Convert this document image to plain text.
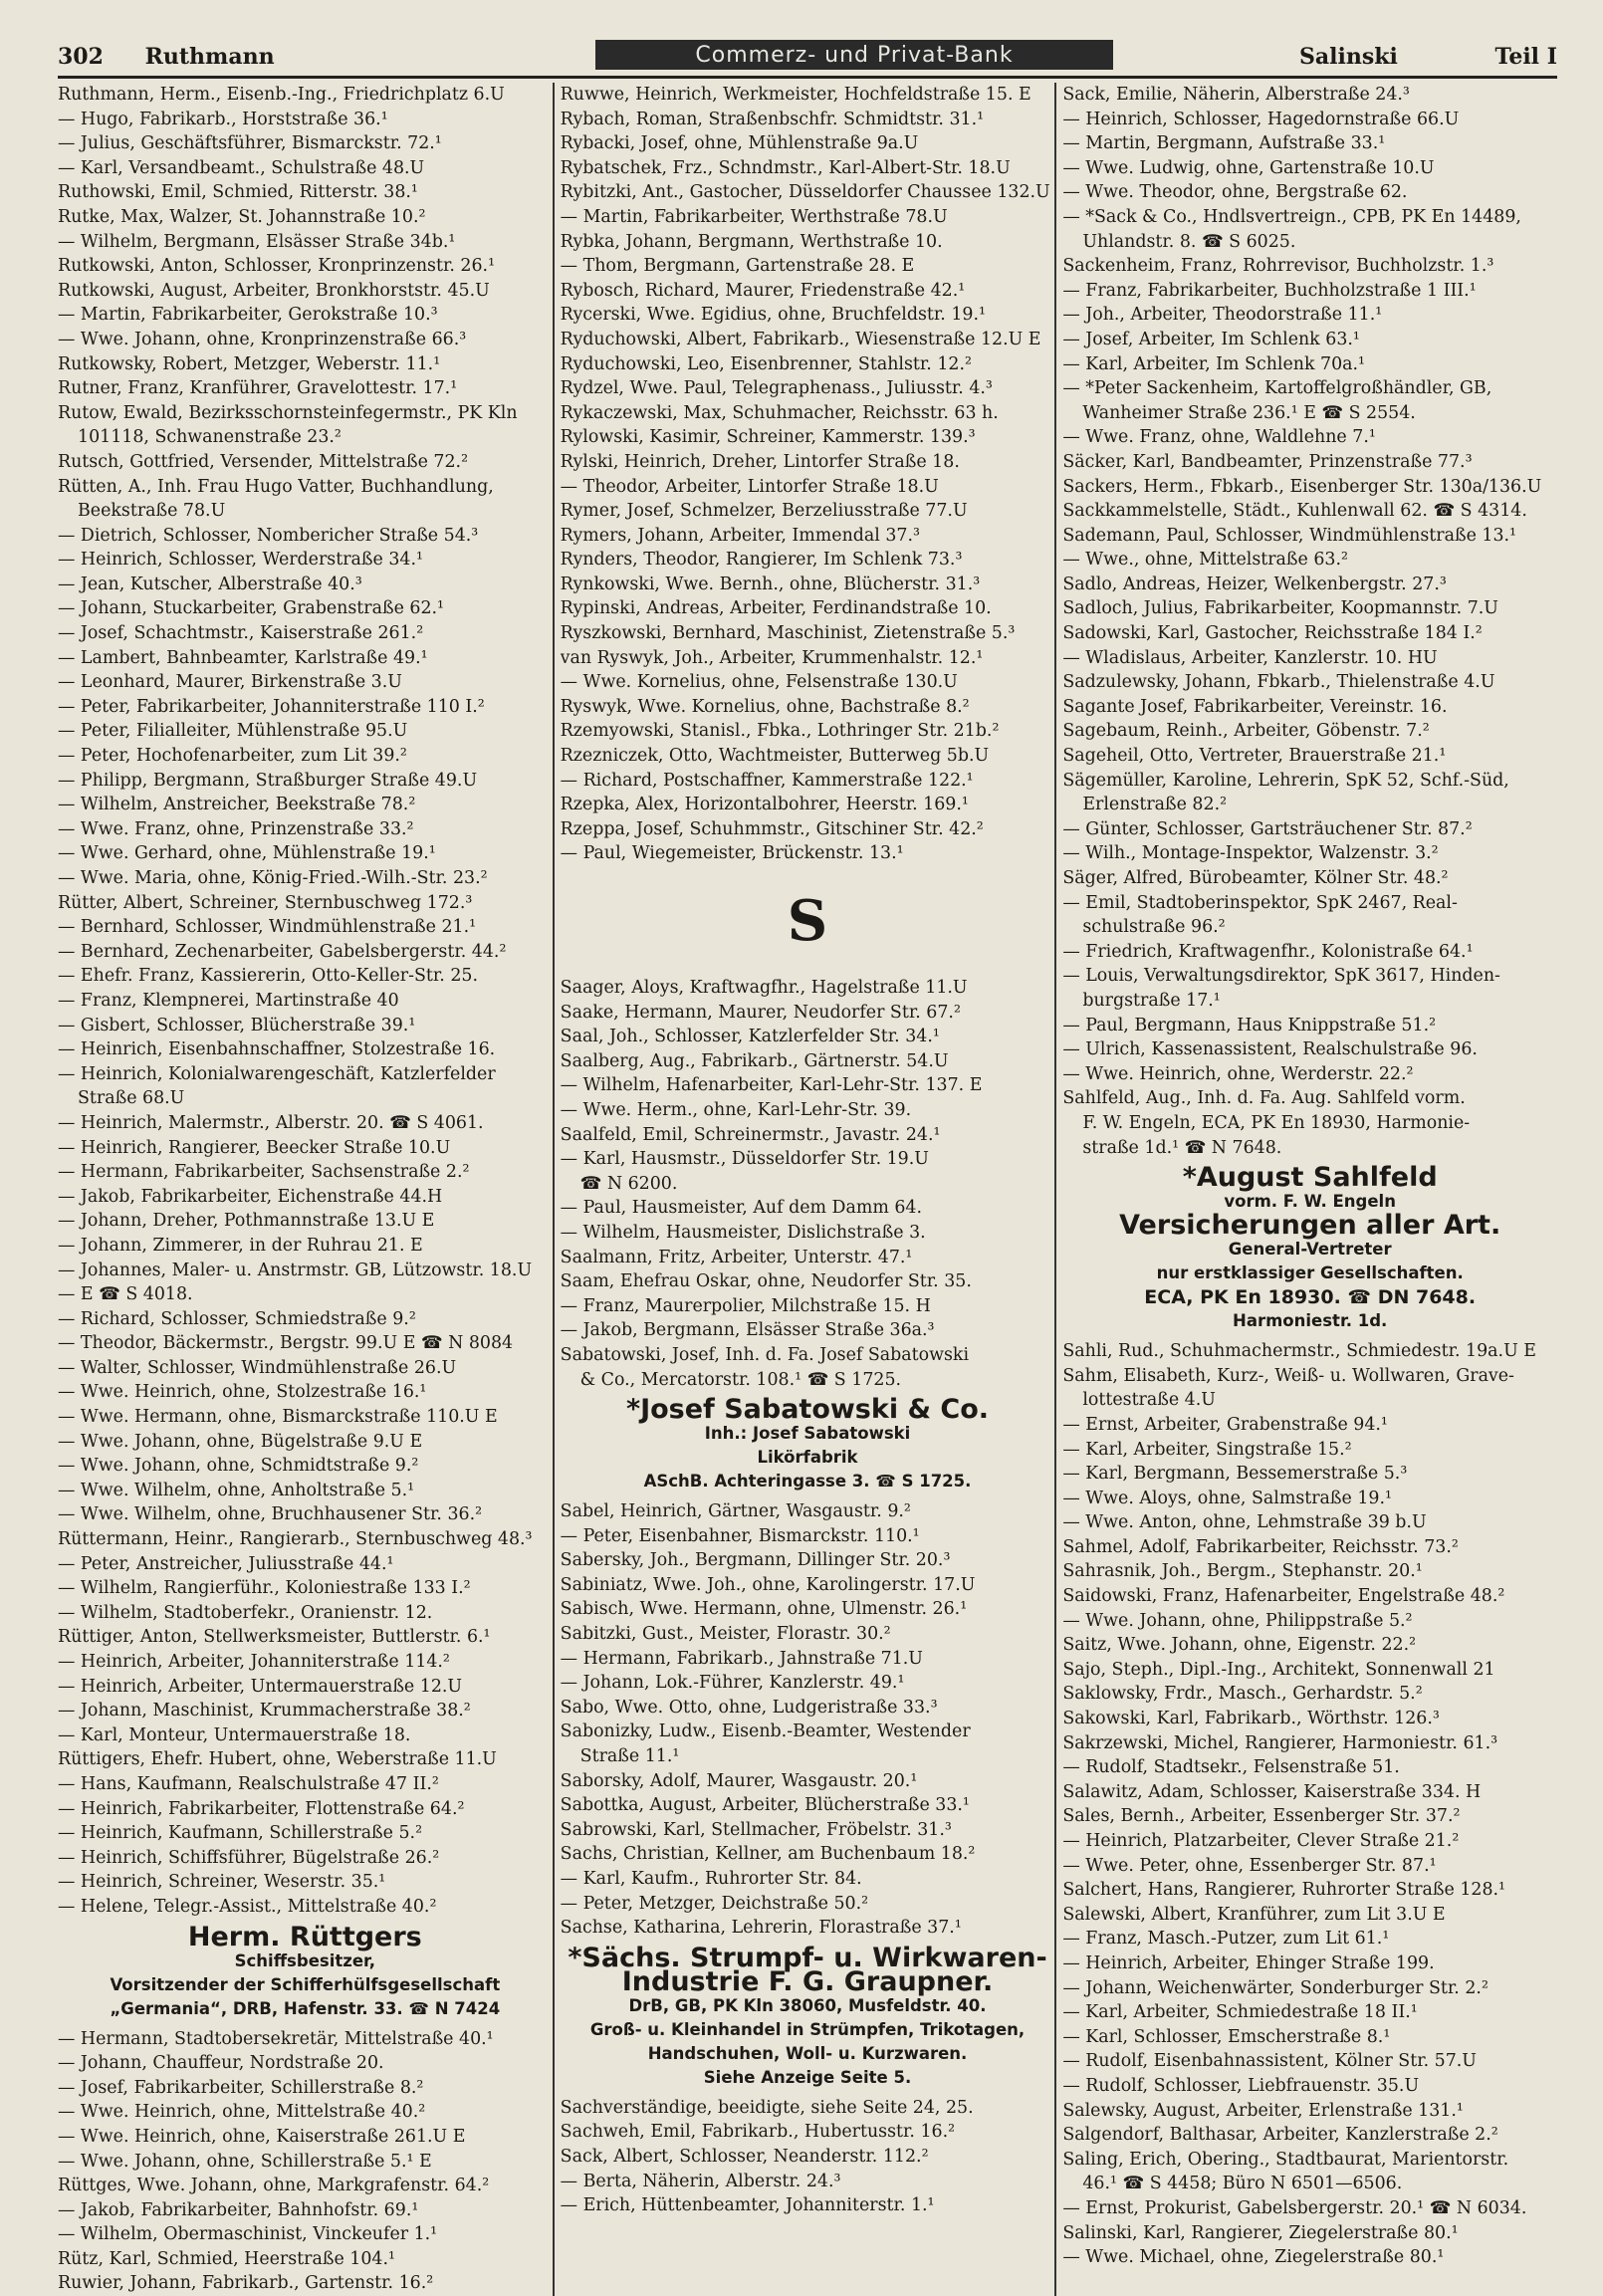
302 Ruthmann	Commerz- und Privat-Bank	Salinski	Teil I
Ruthmann, Herm., Eisenb.-Ing., Friedrichplatz 6.U
— Hugo, Fabrikarb., Horststraße 36.¹
— Julius, Geschäftsführer, Bismarckstr. 72.¹
— Karl, Versandbeamt., Schulstraße 48.U
Ruthowski, Emil, Schmied, Ritterstr. 38.¹
Rutke, Max, Walzer, St. Johannstraße 10.²
— Wilhelm, Bergmann, Elsässer Straße 34b.¹
Rutkowski, Anton, Schlosser, Kronprinzenstr. 26.¹
Rutkowski, August, Arbeiter, Bronkhorststr. 45.U
— Martin, Fabrikarbeiter, Gerokstraße 10.³
— Wwe. Johann, ohne, Kronprinzenstraße 66.³
Rutkowsky, Robert, Metzger, Weberstr. 11.¹
Rutner, Franz, Kranführer, Gravelottestr. 17.¹
Rutow, Ewald, Bezirksschornsteinfegermstr., PK Kln
101118, Schwanenstraße 23.²
Rutsch, Gottfried, Versender, Mittelstraße 72.²
Rütten, A., Inh. Frau Hugo Vatter, Buchhandlung,
Beekstraße 78.U
— Dietrich, Schlosser, Nombericher Straße 54.³
— Heinrich, Schlosser, Werderstraße 34.¹
— Jean, Kutscher, Alberstraße 40.³
— Johann, Stuckarbeiter, Grabenstraße 62.¹
— Josef, Schachtmstr., Kaiserstraße 261.²
— Lambert, Bahnbeamter, Karlstraße 49.¹
— Leonhard, Maurer, Birkenstraße 3.U
— Peter, Fabrikarbeiter, Johanniterstraße 110 I.²
— Peter, Filialleiter, Mühlenstraße 95.U
— Peter, Hochofenarbeiter, zum Lit 39.²
— Philipp, Bergmann, Straßburger Straße 49.U
— Wilhelm, Anstreicher, Beekstraße 78.²
— Wwe. Franz, ohne, Prinzenstraße 33.²
— Wwe. Gerhard, ohne, Mühlenstraße 19.¹
— Wwe. Maria, ohne, König-Fried.-Wilh.-Str. 23.²
Rütter, Albert, Schreiner, Sternbuschweg 172.³
— Bernhard, Schlosser, Windmühlenstraße 21.¹
— Bernhard, Zechenarbeiter, Gabelsbergerstr. 44.²
— Ehefr. Franz, Kassiererin, Otto-Keller-Str. 25.
— Franz, Klempnerei, Martinstraße 40
— Gisbert, Schlosser, Blücherstraße 39.¹
— Heinrich, Eisenbahnschaffner, Stolzestraße 16.
— Heinrich, Kolonialwarengeschäft, Katzlerfelder
Straße 68.U
— Heinrich, Malermstr., Alberstr. 20. ☎ S 4061.
— Heinrich, Rangierer, Beecker Straße 10.U
— Hermann, Fabrikarbeiter, Sachsenstraße 2.²
— Jakob, Fabrikarbeiter, Eichenstraße 44.H
— Johann, Dreher, Pothmannstraße 13.U E
— Johann, Zimmerer, in der Ruhrau 21. E
— Johannes, Maler- u. Anstrmstr. GB, Lützowstr. 18.U
— E ☎ S 4018.
— Richard, Schlosser, Schmiedstraße 9.²
— Theodor, Bäckermstr., Bergstr. 99.U E ☎ N 8084
— Walter, Schlosser, Windmühlenstraße 26.U
— Wwe. Heinrich, ohne, Stolzestraße 16.¹
— Wwe. Hermann, ohne, Bismarckstraße 110.U E
— Wwe. Johann, ohne, Bügelstraße 9.U E
— Wwe. Johann, ohne, Schmidtstraße 9.²
— Wwe. Wilhelm, ohne, Anholtstraße 5.¹
— Wwe. Wilhelm, ohne, Bruchhausener Str. 36.²
Rüttermann, Heinr., Rangierarb., Sternbuschweg 48.³
— Peter, Anstreicher, Juliusstraße 44.¹
— Wilhelm, Rangierführ., Koloniestraße 133 I.²
— Wilhelm, Stadtoberfekr., Oranienstr. 12.
Rüttiger, Anton, Stellwerksmeister, Buttlerstr. 6.¹
— Heinrich, Arbeiter, Johanniterstraße 114.²
— Heinrich, Arbeiter, Untermauerstraße 12.U
— Johann, Maschinist, Krummacherstraße 38.²
— Karl, Monteur, Untermauerstraße 18.
Rüttigers, Ehefr. Hubert, ohne, Weberstraße 11.U
— Hans, Kaufmann, Realschulstraße 47 II.²
— Heinrich, Fabrikarbeiter, Flottenstraße 64.²
— Heinrich, Kaufmann, Schillerstraße 5.²
— Heinrich, Schiffsführer, Bügelstraße 26.²
— Heinrich, Schreiner, Weserstr. 35.¹
— Helene, Telegr.-Assist., Mittelstraße 40.²
Herm. Rüttgers
Schiffsbesitzer,
Vorsitzender der Schifferhülfsgesellschaft
„Germania“, DRB, Hafenstr. 33. ☎ N 7424
— Hermann, Stadtobersekretär, Mittelstraße 40.¹
— Johann, Chauffeur, Nordstraße 20.
— Josef, Fabrikarbeiter, Schillerstraße 8.²
— Wwe. Heinrich, ohne, Mittelstraße 40.²
— Wwe. Heinrich, ohne, Kaiserstraße 261.U E
— Wwe. Johann, ohne, Schillerstraße 5.¹ E
Rüttges, Wwe. Johann, ohne, Markgrafenstr. 64.²
— Jakob, Fabrikarbeiter, Bahnhofstr. 69.¹
— Wilhelm, Obermaschinist, Vinckeufer 1.¹
Rütz, Karl, Schmied, Heerstraße 104.¹
Ruwier, Johann, Fabrikarb., Gartenstr. 16.²
Ruwwe, Heinrich, Werkmeister, Hochfeldstraße 15. E
Rybach, Roman, Straßenbschfr. Schmidtstr. 31.¹
Rybacki, Josef, ohne, Mühlenstraße 9a.U
Rybatschek, Frz., Schndmstr., Karl-Albert-Str. 18.U
Rybitzki, Ant., Gastocher, Düsseldorfer Chaussee 132.U
— Martin, Fabrikarbeiter, Werthstraße 78.U
Rybka, Johann, Bergmann, Werthstraße 10.
— Thom, Bergmann, Gartenstraße 28. E
Rybosch, Richard, Maurer, Friedenstraße 42.¹
Rycerski, Wwe. Egidius, ohne, Bruchfeldstr. 19.¹
Ryduchowski, Albert, Fabrikarb., Wiesenstraße 12.U E
Ryduchowski, Leo, Eisenbrenner, Stahlstr. 12.²
Rydzel, Wwe. Paul, Telegraphenass., Juliusstr. 4.³
Rykaczewski, Max, Schuhmacher, Reichsstr. 63 h.
Rylowski, Kasimir, Schreiner, Kammerstr. 139.³
Rylski, Heinrich, Dreher, Lintorfer Straße 18.
— Theodor, Arbeiter, Lintorfer Straße 18.U
Rymer, Josef, Schmelzer, Berzeliusstraße 77.U
Rymers, Johann, Arbeiter, Immendal 37.³
Rynders, Theodor, Rangierer, Im Schlenk 73.³
Rynkowski, Wwe. Bernh., ohne, Blücherstr. 31.³
Rypinski, Andreas, Arbeiter, Ferdinandstraße 10.
Ryszkowski, Bernhard, Maschinist, Zietenstraße 5.³
van Ryswyk, Joh., Arbeiter, Krummenhalstr. 12.¹
— Wwe. Kornelius, ohne, Felsenstraße 130.U
Ryswyk, Wwe. Kornelius, ohne, Bachstraße 8.²
Rzemyowski, Stanisl., Fbka., Lothringer Str. 21b.²
Rzezniczek, Otto, Wachtmeister, Butterweg 5b.U
— Richard, Postschaffner, Kammerstraße 122.¹
Rzepka, Alex, Horizontalbohrer, Heerstr. 169.¹
Rzeppa, Josef, Schuhmmstr., Gitschiner Str. 42.²
— Paul, Wiegemeister, Brückenstr. 13.¹
S
Saager, Aloys, Kraftwagfhr., Hagelstraße 11.U
Saake, Hermann, Maurer, Neudorfer Str. 67.²
Saal, Joh., Schlosser, Katzlerfelder Str. 34.¹
Saalberg, Aug., Fabrikarb., Gärtnerstr. 54.U
— Wilhelm, Hafenarbeiter, Karl-Lehr-Str. 137. E
— Wwe. Herm., ohne, Karl-Lehr-Str. 39.
Saalfeld, Emil, Schreinermstr., Javastr. 24.¹
— Karl, Hausmstr., Düsseldorfer Str. 19.U
☎ N 6200.
— Paul, Hausmeister, Auf dem Damm 64.
— Wilhelm, Hausmeister, Dislichstraße 3.
Saalmann, Fritz, Arbeiter, Unterstr. 47.¹
Saam, Ehefrau Oskar, ohne, Neudorfer Str. 35.
— Franz, Maurerpolier, Milchstraße 15. H
— Jakob, Bergmann, Elsässer Straße 36a.³
Sabatowski, Josef, Inh. d. Fa. Josef Sabatowski
& Co., Mercatorstr. 108.¹ ☎ S 1725.
*Josef Sabatowski & Co.
Inh.: Josef Sabatowski
Likörfabrik
ASchB. Achteringasse 3. ☎ S 1725.
Sabel, Heinrich, Gärtner, Wasgaustr. 9.²
— Peter, Eisenbahner, Bismarckstr. 110.¹
Sabersky, Joh., Bergmann, Dillinger Str. 20.³
Sabiniatz, Wwe. Joh., ohne, Karolingerstr. 17.U
Sabisch, Wwe. Hermann, ohne, Ulmenstr. 26.¹
Sabitzki, Gust., Meister, Florastr. 30.²
— Hermann, Fabrikarb., Jahnstraße 71.U
— Johann, Lok.-Führer, Kanzlerstr. 49.¹
Sabo, Wwe. Otto, ohne, Ludgeristraße 33.³
Sabonizky, Ludw., Eisenb.-Beamter, Westender
Straße 11.¹
Saborsky, Adolf, Maurer, Wasgaustr. 20.¹
Sabottka, August, Arbeiter, Blücherstraße 33.¹
Sabrowski, Karl, Stellmacher, Fröbelstr. 31.³
Sachs, Christian, Kellner, am Buchenbaum 18.²
— Karl, Kaufm., Ruhrorter Str. 84.
— Peter, Metzger, Deichstraße 50.²
Sachse, Katharina, Lehrerin, Florastraße 37.¹
*Sächs. Strumpf- u. Wirkwaren-
Industrie F. G. Graupner.
DrB, GB, PK Kln 38060, Musfeldstr. 40.
Groß- u. Kleinhandel in Strümpfen, Trikotagen, Handschuhen, Woll- u. Kurzwaren.
Siehe Anzeige Seite 5.
Sachverständige, beeidigte, siehe Seite 24, 25.
Sachweh, Emil, Fabrikarb., Hubertusstr. 16.²
Sack, Albert, Schlosser, Neanderstr. 112.²
— Berta, Näherin, Alberstr. 24.³
— Erich, Hüttenbeamter, Johanniterstr. 1.¹
Sack, Emilie, Näherin, Alberstraße 24.³
— Heinrich, Schlosser, Hagedornstraße 66.U
— Martin, Bergmann, Aufstraße 33.¹
— Wwe. Ludwig, ohne, Gartenstraße 10.U
— Wwe. Theodor, ohne, Bergstraße 62.
— *Sack & Co., Hndlsvertreign., CPB, PK En 14489,
Uhlandstr. 8. ☎ S 6025.
Sackenheim, Franz, Rohrrevisor, Buchholzstr. 1.³
— Franz, Fabrikarbeiter, Buchholzstraße 1 III.¹
— Joh., Arbeiter, Theodorstraße 11.¹
— Josef, Arbeiter, Im Schlenk 63.¹
— Karl, Arbeiter, Im Schlenk 70a.¹
— *Peter Sackenheim, Kartoffelgroßhändler, GB,
Wanheimer Straße 236.¹ E ☎ S 2554.
— Wwe. Franz, ohne, Waldlehne 7.¹
Säcker, Karl, Bandbeamter, Prinzenstraße 77.³
Sackers, Herm., Fbkarb., Eisenberger Str. 130a/136.U
Sackkammelstelle, Städt., Kuhlenwall 62. ☎ S 4314.
Sademann, Paul, Schlosser, Windmühlenstraße 13.¹
— Wwe., ohne, Mittelstraße 63.²
Sadlo, Andreas, Heizer, Welkenbergstr. 27.³
Sadloch, Julius, Fabrikarbeiter, Koopmannstr. 7.U
Sadowski, Karl, Gastocher, Reichsstraße 184 I.²
— Wladislaus, Arbeiter, Kanzlerstr. 10. HU
Sadzulewsky, Johann, Fbkarb., Thielenstraße 4.U
Sagante Josef, Fabrikarbeiter, Vereinstr. 16.
Sagebaum, Reinh., Arbeiter, Göbenstr. 7.²
Sageheil, Otto, Vertreter, Brauerstraße 21.¹
Sägemüller, Karoline, Lehrerin, SpK 52, Schf.-Süd,
Erlenstraße 82.²
— Günter, Schlosser, Gartsträuchener Str. 87.²
— Wilh., Montage-Inspektor, Walzenstr. 3.²
Säger, Alfred, Bürobeamter, Kölner Str. 48.²
— Emil, Stadtoberinspektor, SpK 2467, Real-
schulstraße 96.²
— Friedrich, Kraftwagenfhr., Kolonistraße 64.¹
— Louis, Verwaltungsdirektor, SpK 3617, Hinden-
burgstraße 17.¹
— Paul, Bergmann, Haus Knippstraße 51.²
— Ulrich, Kassenassistent, Realschulstraße 96.
— Wwe. Heinrich, ohne, Werderstr. 22.²
Sahlfeld, Aug., Inh. d. Fa. Aug. Sahlfeld vorm.
F. W. Engeln, ECA, PK En 18930, Harmonie-
straße 1d.¹ ☎ N 7648.
*August Sahlfeld
vorm. F. W. Engeln
Versicherungen aller Art.
General-Vertreter
nur erstklassiger Gesellschaften.
ECA, PK En 18930. ☎ DN 7648.
Harmoniestr. 1d.
Sahli, Rud., Schuhmachermstr., Schmiedestr. 19a.U E
Sahm, Elisabeth, Kurz-, Weiß- u. Wollwaren, Grave-
lottestraße 4.U
— Ernst, Arbeiter, Grabenstraße 94.¹
— Karl, Arbeiter, Singstraße 15.²
— Karl, Bergmann, Bessemerstraße 5.³
— Wwe. Aloys, ohne, Salmstraße 19.¹
— Wwe. Anton, ohne, Lehmstraße 39 b.U
Sahmel, Adolf, Fabrikarbeiter, Reichsstr. 73.²
Sahrasnik, Joh., Bergm., Stephanstr. 20.¹
Saidowski, Franz, Hafenarbeiter, Engelstraße 48.²
— Wwe. Johann, ohne, Philippstraße 5.²
Saitz, Wwe. Johann, ohne, Eigenstr. 22.²
Sajo, Steph., Dipl.-Ing., Architekt, Sonnenwall 21
Saklowsky, Frdr., Masch., Gerhardstr. 5.²
Sakowski, Karl, Fabrikarb., Wörthstr. 126.³
Sakrzewski, Michel, Rangierer, Harmoniestr. 61.³
— Rudolf, Stadtsekr., Felsenstraße 51.
Salawitz, Adam, Schlosser, Kaiserstraße 334. H
Sales, Bernh., Arbeiter, Essenberger Str. 37.²
— Heinrich, Platzarbeiter, Clever Straße 21.²
— Wwe. Peter, ohne, Essenberger Str. 87.¹
Salchert, Hans, Rangierer, Ruhrorter Straße 128.¹
Salewski, Albert, Kranführer, zum Lit 3.U E
— Franz, Masch.-Putzer, zum Lit 61.¹
— Heinrich, Arbeiter, Ehinger Straße 199.
— Johann, Weichenwärter, Sonderburger Str. 2.²
— Karl, Arbeiter, Schmiedestraße 18 II.¹
— Karl, Schlosser, Emscherstraße 8.¹
— Rudolf, Eisenbahnassistent, Kölner Str. 57.U
— Rudolf, Schlosser, Liebfrauenstr. 35.U
Salewsky, August, Arbeiter, Erlenstraße 131.¹
Salgendorf, Balthasar, Arbeiter, Kanzlerstraße 2.²
Saling, Erich, Obering., Stadtbaurat, Marientorstr.
46.¹ ☎ S 4458; Büro N 6501—6506.
— Ernst, Prokurist, Gabelsbergerstr. 20.¹ ☎ N 6034.
Salinski, Karl, Rangierer, Ziegelerstraße 80.¹
— Wwe. Michael, ohne, Ziegelerstraße 80.¹
